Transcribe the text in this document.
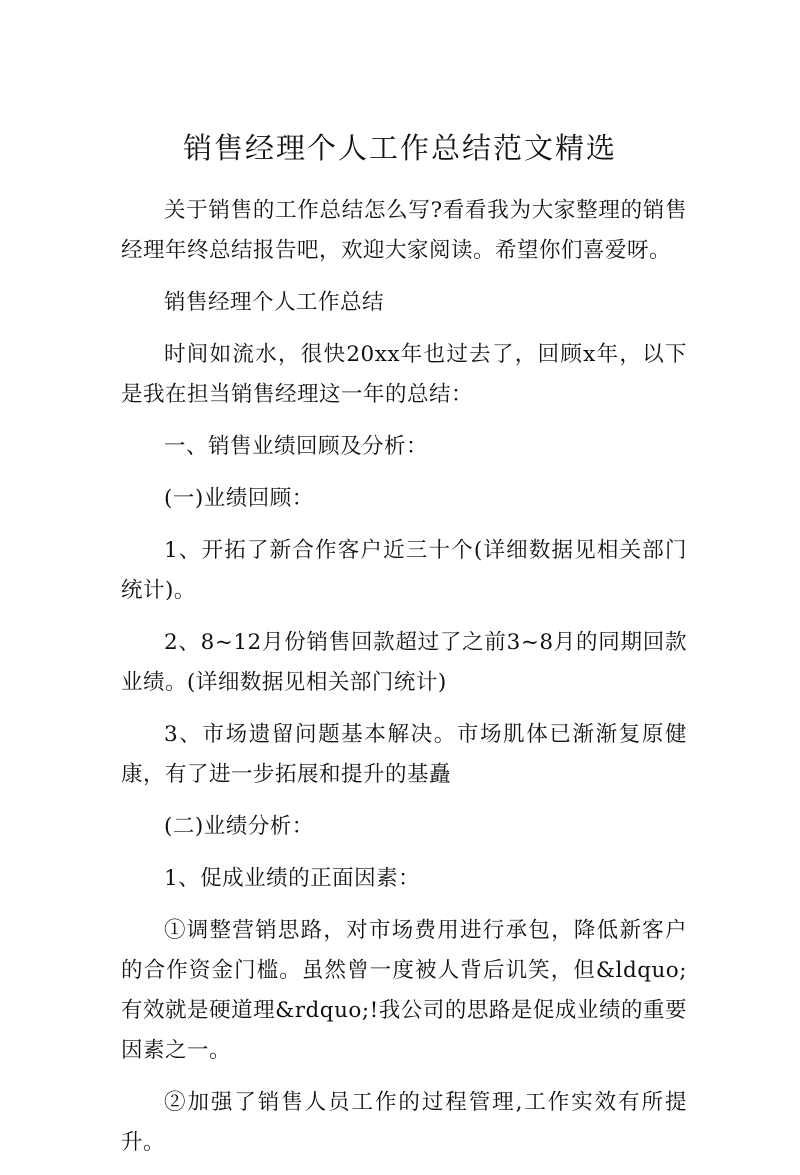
销售经理个人工作总结范文精选

关于销售的工作总结怎么写?看看我为大家整理的销售经理年终总结报告吧，欢迎大家阅读。希望你们喜爱呀。

销售经理个人工作总结

时间如流水，很快20xx年也过去了，回顾x年，以下是我在担当销售经理这一年的总结：

一、销售业绩回顾及分析：

(一)业绩回顾：

1、开拓了新合作客户近三十个(详细数据见相关部门统计)。

2、8~12月份销售回款超过了之前3~8月的同期回款业绩。(详细数据见相关部门统计)

3、市场遗留问题基本解决。市场肌体已渐渐复原健康，有了进一步拓展和提升的基矗

(二)业绩分析：

1、促成业绩的正面因素：

①调整营销思路，对市场费用进行承包，降低新客户的合作资金门槛。虽然曾一度被人背后讥笑，但&ldquo;有效就是硬道理&rdquo;!我公司的思路是促成业绩的重要因素之一。

②加强了销售人员工作的过程管理,工作实效有所提升。
